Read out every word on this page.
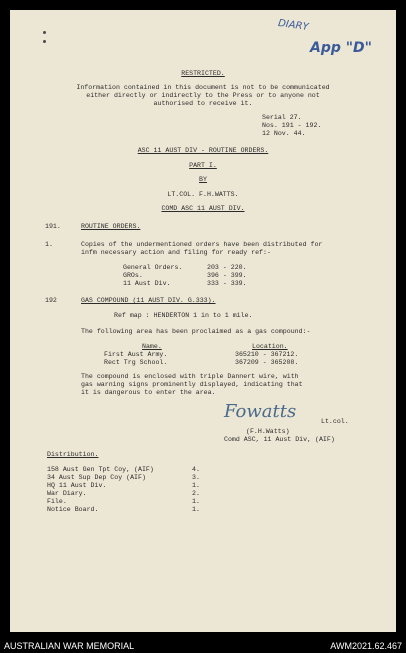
DIARY
App "D"
RESTRICTED.
Information contained in this document is not to be communicated
either directly or indirectly to the Press or to anyone not
authorised to receive it.
Serial 27.
Nos. 191 - 192.
12 Nov. 44.
ASC 11 AUST DIV - ROUTINE ORDERS.
PART I.
BY
LT.COL. F.H.WATTS.
COMD ASC 11 AUST DIV.
191.	ROUTINE ORDERS.
1.	Copies of the undermentioned orders have been distributed for
infm necessary action and filing for ready ref:-
General Orders.	203 - 220.
GROs.	396 - 399.
11 Aust Div.	333 - 339.
192	GAS COMPOUND (11 AUST DIV. G.333).
Ref map : HENDERTON 1 in to 1 mile.
The following area has been proclaimed as a gas compound:-
Name.	Location.
First Aust Army.	365210 - 367212.
Rect Trg School.	367209 - 365208.
The compound is enclosed with triple Dannert wire, with
gas warning signs prominently displayed, indicating that
it is dangerous to enter the area.
Fowatts	Lt.col.
(F.H.Watts)
Comd ASC, 11 Aust Div, (AIF)
Distribution.
158 Aust Gen Tpt Coy, (AIF)	4.
34 Aust Sup Dep Coy (AIF)	3.
HQ 11 Aust Div.	1.
War Diary.	2.
File.	1.
Notice Board.	1.
AUSTRALIAN WAR MEMORIAL	AWM2021.62.467
